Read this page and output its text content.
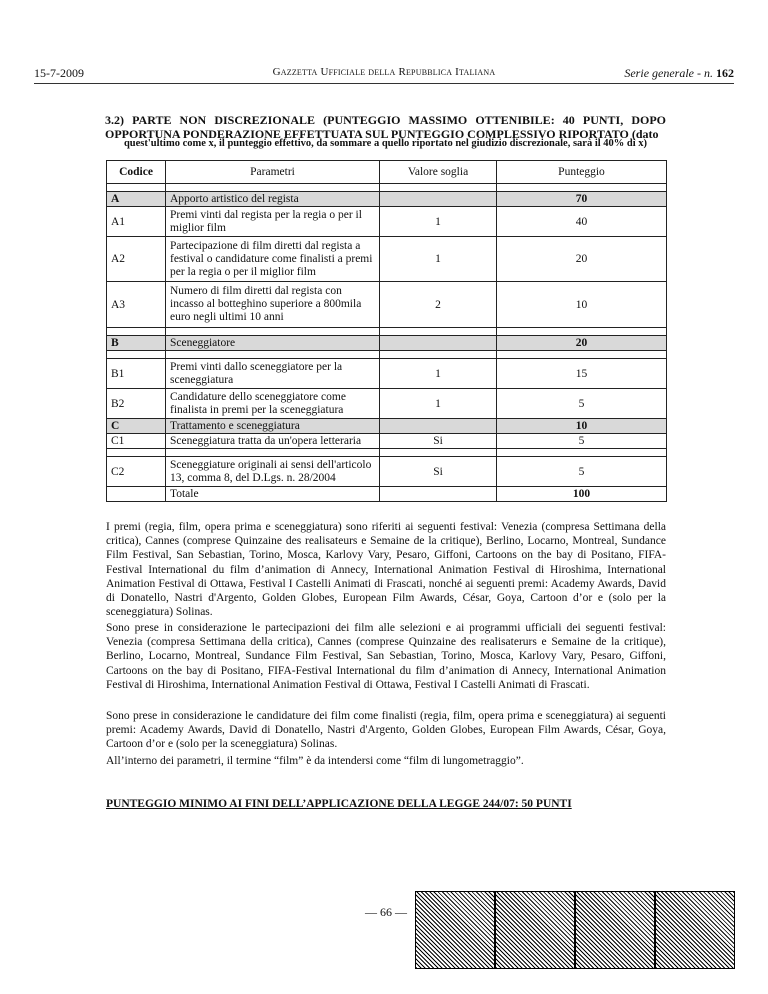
15-7-2009	Gazzetta Ufficiale della Repubblica Italiana	Serie generale - n. 162
3.2) PARTE NON DISCREZIONALE (PUNTEGGIO MASSIMO OTTENIBILE: 40 PUNTI, DOPO OPPORTUNA PONDERAZIONE EFFETTUATA SUL PUNTEGGIO COMPLESSIVO RIPORTATO (dato
quest'ultimo come x, il punteggio effettivo, da sommare a quello riportato nel giudizio discrezionale, sarà il 40% di x)
Codice	Parametri	Valore soglia	Punteggio

A	Apporto artistico del regista		70
A1	Premi vinti dal regista per la regia o per il miglior film	1	40
A2	Partecipazione di film diretti dal regista a festival o candidature come finalisti a premi per la regia o per il miglior film	1	20
A3	Numero di film diretti dal regista con incasso al botteghino superiore a 800mila euro negli ultimi 10 anni	2	10

B	Sceneggiatore		20

B1	Premi vinti dallo sceneggiatore per la sceneggiatura	1	15
B2	Candidature dello sceneggiatore come finalista in premi per la sceneggiatura	1	5
C	Trattamento e sceneggiatura		10
C1	Sceneggiatura tratta da un'opera letteraria	Si	5

C2	Sceneggiature originali ai sensi dell'articolo 13, comma 8, del D.Lgs. n. 28/2004	Si	5
	Totale		100
I premi (regia, film, opera prima e sceneggiatura) sono riferiti ai seguenti festival: Venezia (compresa Settimana della critica), Cannes (comprese Quinzaine des realisateurs e Semaine de la critique), Berlino, Locarno, Montreal, Sundance Film Festival, San Sebastian, Torino, Mosca, Karlovy Vary, Pesaro, Giffoni, Cartoons on the bay di Positano, FIFA-Festival International du film d’animation di Annecy, International Animation Festival di Hiroshima, International Animation Festival di Ottawa, Festival I Castelli Animati di Frascati, nonché ai seguenti premi: Academy Awards, David di Donatello, Nastri d'Argento, Golden Globes, European Film Awards, César, Goya, Cartoon d’or e (solo per la sceneggiatura) Solinas.
Sono prese in considerazione le partecipazioni dei film alle selezioni e ai programmi ufficiali dei seguenti festival: Venezia (compresa Settimana della critica), Cannes (comprese Quinzaine des realisaterurs e Semaine de la critique), Berlino, Locarno, Montreal, Sundance Film Festival, San Sebastian, Torino, Mosca, Karlovy Vary, Pesaro, Giffoni, Cartoons on the bay di Positano, FIFA-Festival International du film d’animation di Annecy, International Animation Festival di Hiroshima, International Animation Festival di Ottawa, Festival I Castelli Animati di Frascati.
Sono prese in considerazione le candidature dei film come finalisti (regia, film, opera prima e sceneggiatura) ai seguenti premi: Academy Awards, David di Donatello, Nastri d'Argento, Golden Globes, European Film Awards, César, Goya, Cartoon d’or e (solo per la sceneggiatura) Solinas.
All’interno dei parametri, il termine “film” è da intendersi come “film di lungometraggio”.
PUNTEGGIO MINIMO AI FINI DELL’APPLICAZIONE DELLA LEGGE 244/07: 50 PUNTI
— 66 —
